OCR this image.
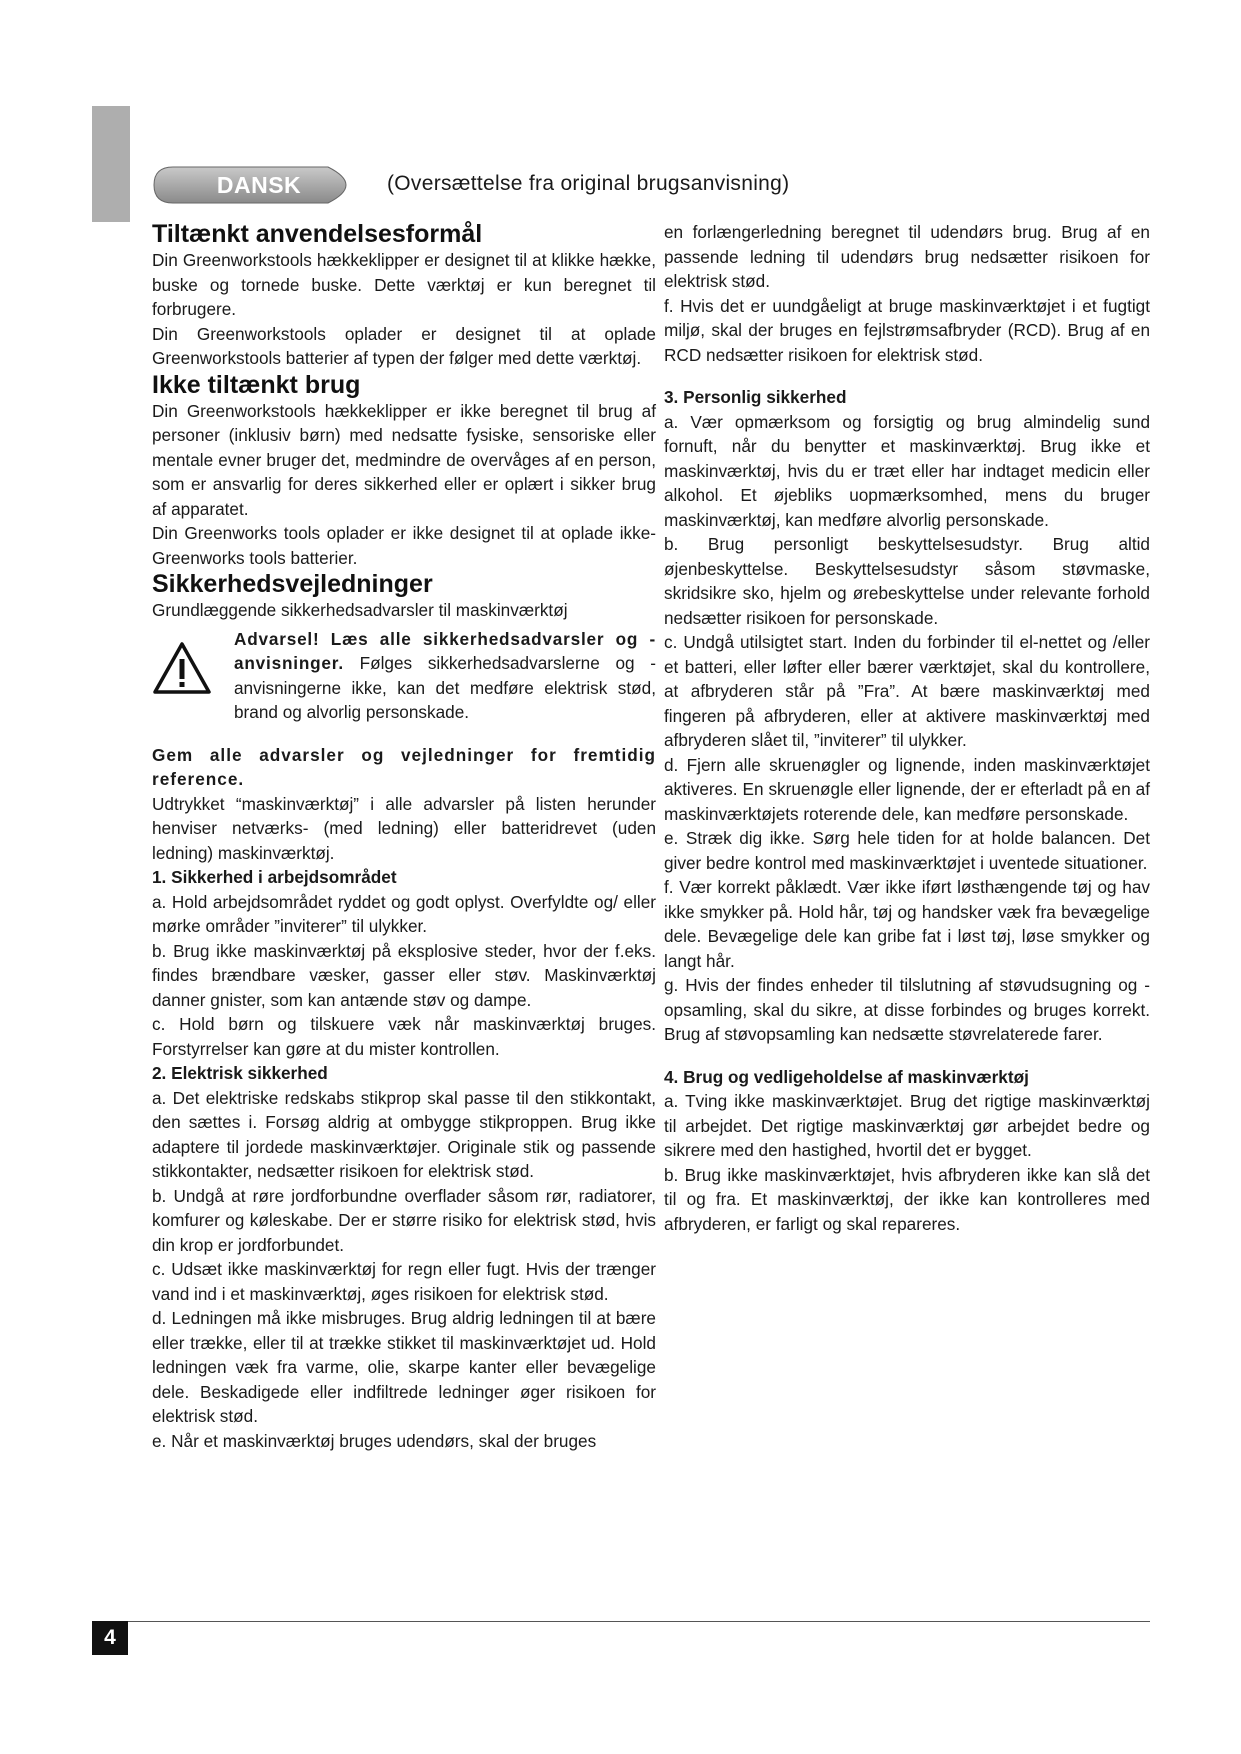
DANSK	(Oversættelse fra original brugsanvisning)
Tiltænkt anvendelsesformål

Din Greenworkstools hækkeklipper er designet til at klikke hække, buske og tornede buske. Dette værktøj er kun beregnet til forbrugere.

Din Greenworkstools oplader er designet til at oplade Greenworkstools batterier af typen der følger med dette værktøj.

Ikke tiltænkt brug

Din Greenworkstools hækkeklipper er ikke beregnet til brug af personer (inklusiv børn) med nedsatte fysiske, sensoriske eller mentale evner bruger det, medmindre de overvåges af en person, som er ansvarlig for deres sikkerhed eller er oplært i sikker brug af apparatet.

Din Greenworks tools oplader er ikke designet til at oplade ikke-Greenworks tools batterier.

Sikkerhedsvejledninger

Grundlæggende sikkerhedsadvarsler til maskinværktøj

Advarsel! Læs alle sikkerhedsadvarsler og -anvisninger. Følges sikkerhedsadvarslerne og -anvisningerne ikke, kan det medføre elektrisk stød, brand og alvorlig personskade.

Gem alle advarsler og vejledninger for fremtidig reference.

Udtrykket “maskinværktøj” i alle advarsler på listen herunder henviser netværks- (med ledning) eller batteridrevet (uden ledning) maskinværktøj.

1. Sikkerhed i arbejdsområdet

a. Hold arbejdsområdet ryddet og godt oplyst. Overfyldte og/ eller mørke områder ”inviterer” til ulykker.

b. Brug ikke maskinværktøj på eksplosive steder, hvor der f.eks. findes brændbare væsker, gasser eller støv. Maskinværktøj danner gnister, som kan antænde støv og dampe.

c. Hold børn og tilskuere væk når maskinværktøj bruges. Forstyrrelser kan gøre at du mister kontrollen.

2. Elektrisk sikkerhed

a. Det elektriske redskabs stikprop skal passe til den stikkontakt, den sættes i. Forsøg aldrig at ombygge stikproppen. Brug ikke adaptere til jordede maskinværktøjer. Originale stik og passende stikkontakter, nedsætter risikoen for elektrisk stød.

b. Undgå at røre jordforbundne overflader såsom rør, radiatorer, komfurer og køleskabe. Der er større risiko for elektrisk stød, hvis din krop er jordforbundet.

c. Udsæt ikke maskinværktøj for regn eller fugt. Hvis der trænger vand ind i et maskinværktøj, øges risikoen for elektrisk stød.

d. Ledningen må ikke misbruges. Brug aldrig ledningen til at bære eller trække, eller til at trække stikket til maskinværktøjet ud. Hold ledningen væk fra varme, olie, skarpe kanter eller bevægelige dele. Beskadigede eller indfiltrede ledninger øger risikoen for elektrisk stød.

e. Når et maskinværktøj bruges udendørs, skal der bruges

en forlængerledning beregnet til udendørs brug. Brug af en passende ledning til udendørs brug nedsætter risikoen for elektrisk stød.

f. Hvis det er uundgåeligt at bruge maskinværktøjet i et fugtigt miljø, skal der bruges en fejlstrømsafbryder (RCD). Brug af en RCD nedsætter risikoen for elektrisk stød.

3. Personlig sikkerhed

a. Vær opmærksom og forsigtig og brug almindelig sund fornuft, når du benytter et maskinværktøj. Brug ikke et maskinværktøj, hvis du er træt eller har indtaget medicin eller alkohol. Et øjebliks uopmærksomhed, mens du bruger maskinværktøj, kan medføre alvorlig personskade.

b. Brug personligt beskyttelsesudstyr. Brug altid øjenbeskyttelse. Beskyttelsesudstyr såsom støvmaske, skridsikre sko, hjelm og ørebeskyttelse under relevante forhold nedsætter risikoen for personskade.

c. Undgå utilsigtet start. Inden du forbinder til el-nettet og /eller et batteri, eller løfter eller bærer værktøjet, skal du kontrollere, at afbryderen står på ”Fra”. At bære maskinværktøj med fingeren på afbryderen, eller at aktivere maskinværktøj med afbryderen slået til, ”inviterer” til ulykker.

d. Fjern alle skruenøgler og lignende, inden maskinværktøjet aktiveres. En skruenøgle eller lignende, der er efterladt på en af maskinværktøjets roterende dele, kan medføre personskade.

e. Stræk dig ikke. Sørg hele tiden for at holde balancen. Det giver bedre kontrol med maskinværktøjet i uventede situationer.

f. Vær korrekt påklædt. Vær ikke iført løsthængende tøj og hav ikke smykker på. Hold hår, tøj og handsker væk fra bevægelige dele. Bevægelige dele kan gribe fat i løst tøj, løse smykker og langt hår.

g. Hvis der findes enheder til tilslutning af støvudsugning og -opsamling, skal du sikre, at disse forbindes og bruges korrekt. Brug af støvopsamling kan nedsætte støvrelaterede farer.

4. Brug og vedligeholdelse af maskinværktøj

a. Tving ikke maskinværktøjet. Brug det rigtige maskinværktøj til arbejdet. Det rigtige maskinværktøj gør arbejdet bedre og sikrere med den hastighed, hvortil det er bygget.

b. Brug ikke maskinværktøjet, hvis afbryderen ikke kan slå det til og fra. Et maskinværktøj, der ikke kan kontrolleres med afbryderen, er farligt og skal repareres.

4
